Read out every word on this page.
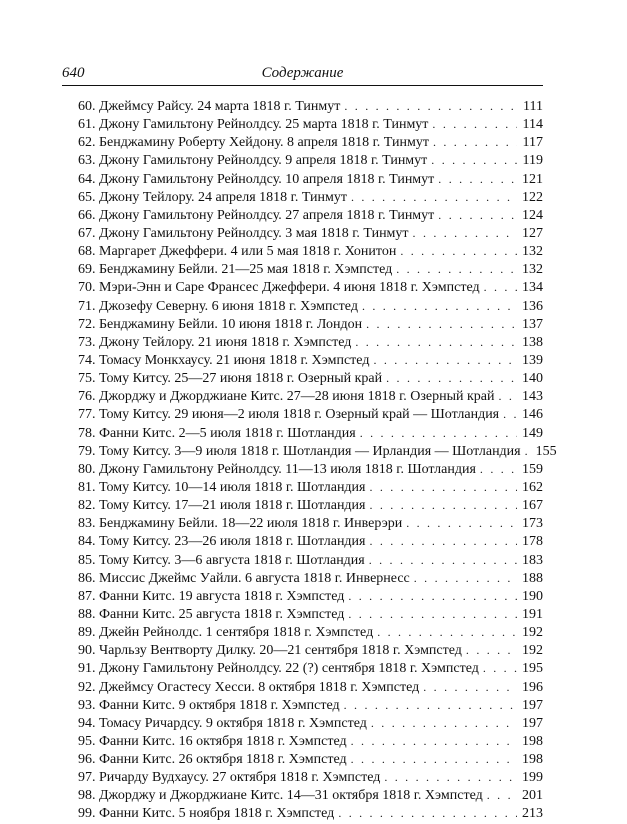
640	Содержание
60. Джеймсу Райсу. 24 марта 1818 г. Тинмут . . .	111
61. Джону Гамильтону Рейнолдсу. 25 марта 1818 г. Тинмут . . .	114
62. Бенджамину Роберту Хейдону. 8 апреля 1818 г. Тинмут . . .	117
63. Джону Гамильтону Рейнолдсу. 9 апреля 1818 г. Тинмут . . .	119
64. Джону Гамильтону Рейнолдсу. 10 апреля 1818 г. Тинмут . . .	121
65. Джону Тейлору. 24 апреля 1818 г. Тинмут . . .	122
66. Джону Гамильтону Рейнолдсу. 27 апреля 1818 г. Тинмут . . .	124
67. Джону Гамильтону Рейнолдсу. 3 мая 1818 г. Тинмут . . .	127
68. Маргарет Джеффери. 4 или 5 мая 1818 г. Хонитон . . .	132
69. Бенджамину Бейли. 21—25 мая 1818 г. Хэмпстед . . .	132
70. Мэри-Энн и Саре Франсес Джеффери. 4 июня 1818 г. Хэмпстед . . .	134
71. Джозефу Северну. 6 июня 1818 г. Хэмпстед . . .	136
72. Бенджамину Бейли. 10 июня 1818 г. Лондон . . .	137
73. Джону Тейлору. 21 июня 1818 г. Хэмпстед . . .	138
74. Томасу Монкхаусу. 21 июня 1818 г. Хэмпстед . . .	139
75. Тому Китсу. 25—27 июня 1818 г. Озерный край . . .	140
76. Джорджу и Джорджиане Китс. 27—28 июня 1818 г. Озерный край . . . 143
77. Тому Китсу. 29 июня—2 июля 1818 г. Озерный край — Шотландия . . . 146
78. Фанни Китс. 2—5 июля 1818 г. Шотландия . . .	149
79. Тому Китсу. 3—9 июля 1818 г. Шотландия — Ирландия — Шотландия . . . 155
80. Джону Гамильтону Рейнолдсу. 11—13 июля 1818 г. Шотландия . . .	159
81. Тому Китсу. 10—14 июля 1818 г. Шотландия . . .	162
82. Тому Китсу. 17—21 июля 1818 г. Шотландия . . .	167
83. Бенджамину Бейли. 18—22 июля 1818 г. Инверэри . . .	173
84. Тому Китсу. 23—26 июля 1818 г. Шотландия . . .	178
85. Тому Китсу. 3—6 августа 1818 г. Шотландия . . .	183
86. Миссис Джеймс Уайли. 6 августа 1818 г. Инвернесс . . .	188
87. Фанни Китс. 19 августа 1818 г. Хэмпстед . . .	190
88. Фанни Китс. 25 августа 1818 г. Хэмпстед . . .	191
89. Джейн Рейнолдс. 1 сентября 1818 г. Хэмпстед . . .	192
90. Чарльзу Вентворту Дилку. 20—21 сентября 1818 г. Хэмпстед . . .	192
91. Джону Гамильтону Рейнолдсу. 22 (?) сентября 1818 г. Хэмпстед . . .	195
92. Джеймсу Огастесу Хесси. 8 октября 1818 г. Хэмпстед . . .	196
93. Фанни Китс. 9 октября 1818 г. Хэмпстед . . .	197
94. Томасу Ричардсу. 9 октября 1818 г. Хэмпстед . . .	197
95. Фанни Китс. 16 октября 1818 г. Хэмпстед . . .	198
96. Фанни Китс. 26 октября 1818 г. Хэмпстед . . .	198
97. Ричарду Вудхаусу. 27 октября 1818 г. Хэмпстед . . .	199
98. Джорджу и Джорджиане Китс. 14—31 октября 1818 г. Хэмпстед . . .	201
99. Фанни Китс. 5 ноября 1818 г. Хэмпстед . . .	213
